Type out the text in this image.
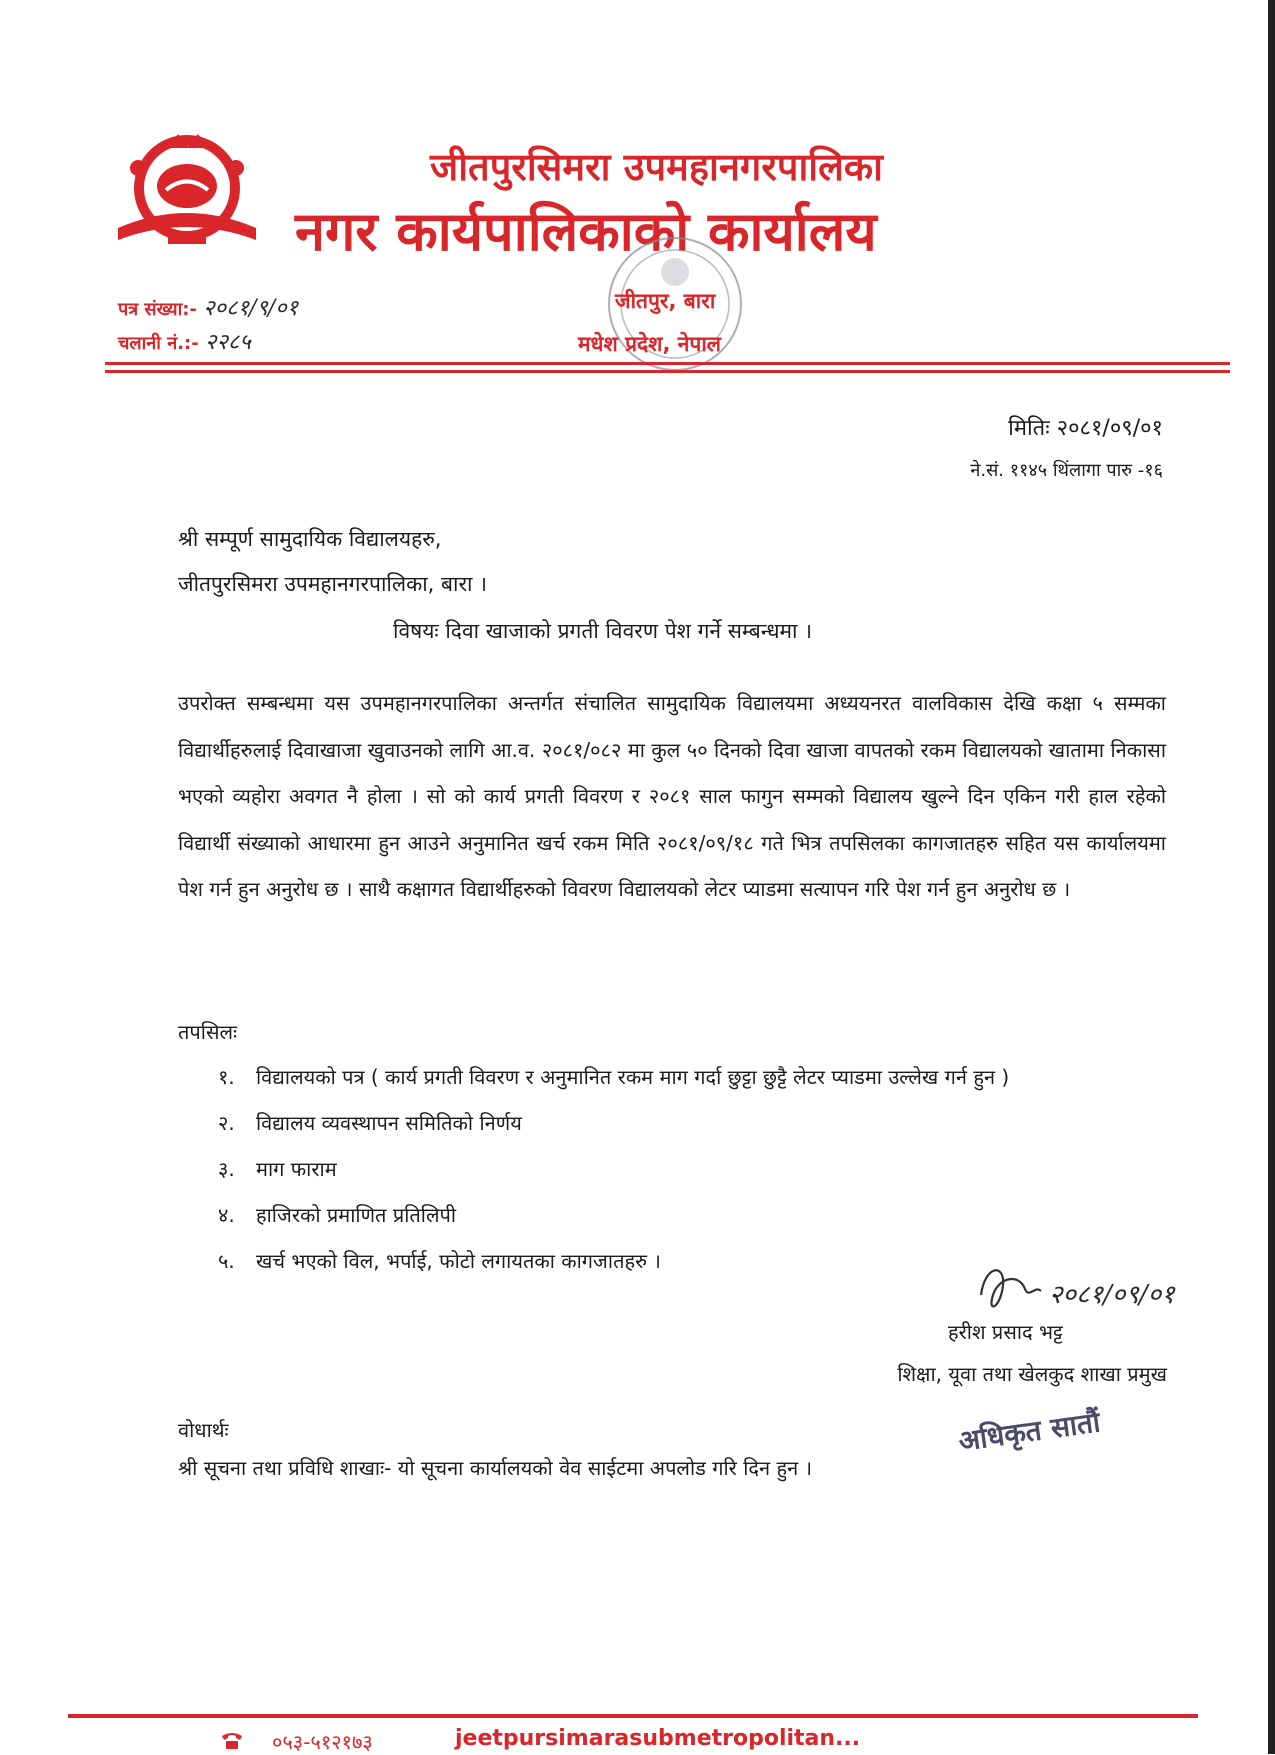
जीतपुरसिमरा उपमहानगरपालिका
नगर कार्यपालिकाको कार्यालय
जीतपुर, बारा
मधेश प्रदेश, नेपाल
पत्र संख्या:- २०८१/९/०१
चलानी नं.:- २२८५
मितिः २०८१/०९/०१
ने.सं. ११४५ थिंलागा पारु -१६
श्री सम्पूर्ण सामुदायिक विद्यालयहरु,
जीतपुरसिमरा उपमहानगरपालिका, बारा ।
विषयः दिवा खाजाको प्रगती विवरण पेश गर्ने सम्बन्धमा ।

उपरोक्त सम्बन्धमा यस उपमहानगरपालिका अन्तर्गत संचालित सामुदायिक विद्यालयमा अध्ययनरत वालविकास देखि कक्षा ५ सम्मका विद्यार्थीहरुलाई दिवाखाजा खुवाउनको लागि आ.व. २०८१/०८२ मा कुल ५० दिनको दिवा खाजा वापतको रकम विद्यालयको खातामा निकासा भएको व्यहोरा अवगत नै होला । सो को कार्य प्रगती विवरण र २०८१ साल फागुन सम्मको विद्यालय खुल्ने दिन एकिन गरी हाल रहेको विद्यार्थी संख्याको आधारमा हुन आउने अनुमानित खर्च रकम मिति २०८१/०९/१८ गते भित्र तपसिलका कागजातहरु सहित यस कार्यालयमा पेश गर्न हुन अनुरोध छ । साथै कक्षागत विद्यार्थीहरुको विवरण विद्यालयको लेटर प्याडमा सत्यापन गरि पेश गर्न हुन अनुरोध छ ।

तपसिलः
१. विद्यालयको पत्र ( कार्य प्रगती विवरण र अनुमानित रकम माग गर्दा छुट्टा छुट्टै लेटर प्याडमा उल्लेख गर्न हुन )
२. विद्यालय व्यवस्थापन समितिको निर्णय
३. माग फाराम
४. हाजिरको प्रमाणित प्रतिलिपी
५. खर्च भएको विल, भर्पाई, फोटो लगायतका कागजातहरु ।
२०८१/०९/०१
हरीश प्रसाद भट्ट
शिक्षा, यूवा तथा खेलकुद शाखा प्रमुख
अधिकृत सातौं
वोधार्थः
श्री सूचना तथा प्रविधि शाखाः- यो सूचना कार्यालयको वेव साईटमा अपलोड गरि दिन हुन ।
०५३-५१२१७३	jeetpursimarasubmetropolitan...
